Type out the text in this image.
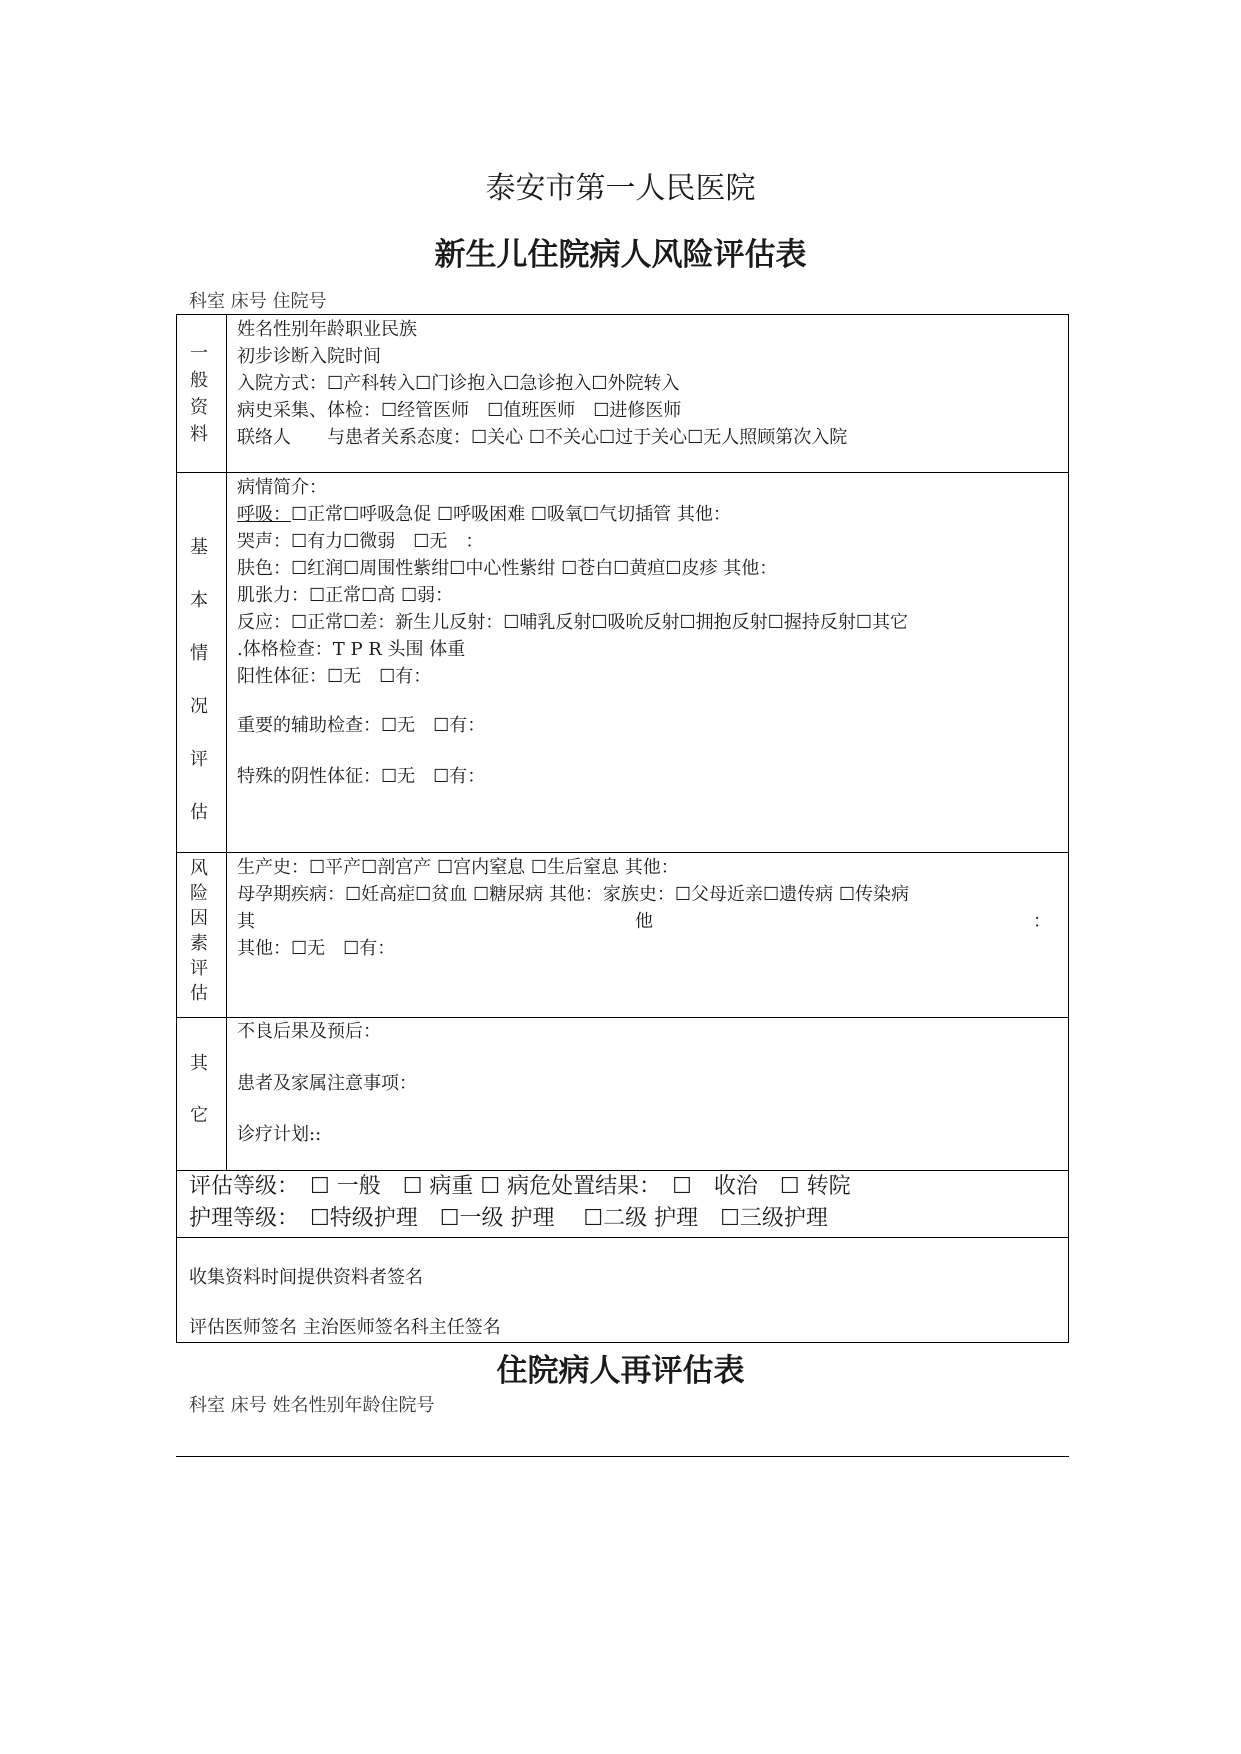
泰安市第一人民医院
新生儿住院病人风险评估表
科室 床号 住院号
一
般
资
料

姓名性别年龄职业民族

初步诊断入院时间

入院方式：☐产科转入☐门诊抱入☐急诊抱入☐外院转入

病史采集、体检：☐经管医师　☐值班医师　☐进修医师

联络人　　与患者关系态度：☐关心 ☐不关心☐过于关心☐无人照顾第次入院

基
本
情
况
评
估

病情简介：

呼吸：☐正常☐呼吸急促 ☐呼吸困难 ☐吸氧☐气切插管 其他：

哭声：☐有力☐微弱　☐无　：

肤色：☐红润☐周围性紫绀☐中心性紫绀 ☐苍白☐黄疸☐皮疹 其他：

肌张力：☐正常☐高 ☐弱：

反应：☐正常☐差：新生儿反射：☐哺乳反射☐吸吮反射☐拥抱反射☐握持反射☐其它

.体格检查：T P R 头围 体重

阳性体征：☐无　☐有：

重要的辅助检查：☐无　☐有：
特殊的阴性体征：☐无　☐有：
风
险
因
素
评
估

生产史：☐平产☐剖宫产 ☐宫内窒息 ☐生后窒息 其他：

母孕期疾病：☐妊高症☐贫血 ☐糖尿病 其他：家族史：☐父母近亲☐遗传病 ☐传染病

其	他	：

其他：☐无　☐有：

其
它
不良后果及预后：
患者及家属注意事项：
诊疗计划::

评估等级：　☐ 一般　☐ 病重 ☐ 病危处置结果：　☐　收治　☐ 转院

护理等级：　☐特级护理　☐一级 护理　 ☐二级 护理　☐三级护理

收集资料时间提供资料者签名
评估医师签名 主治医师签名科主任签名
住院病人再评估表
科室 床号 姓名性别年龄住院号
